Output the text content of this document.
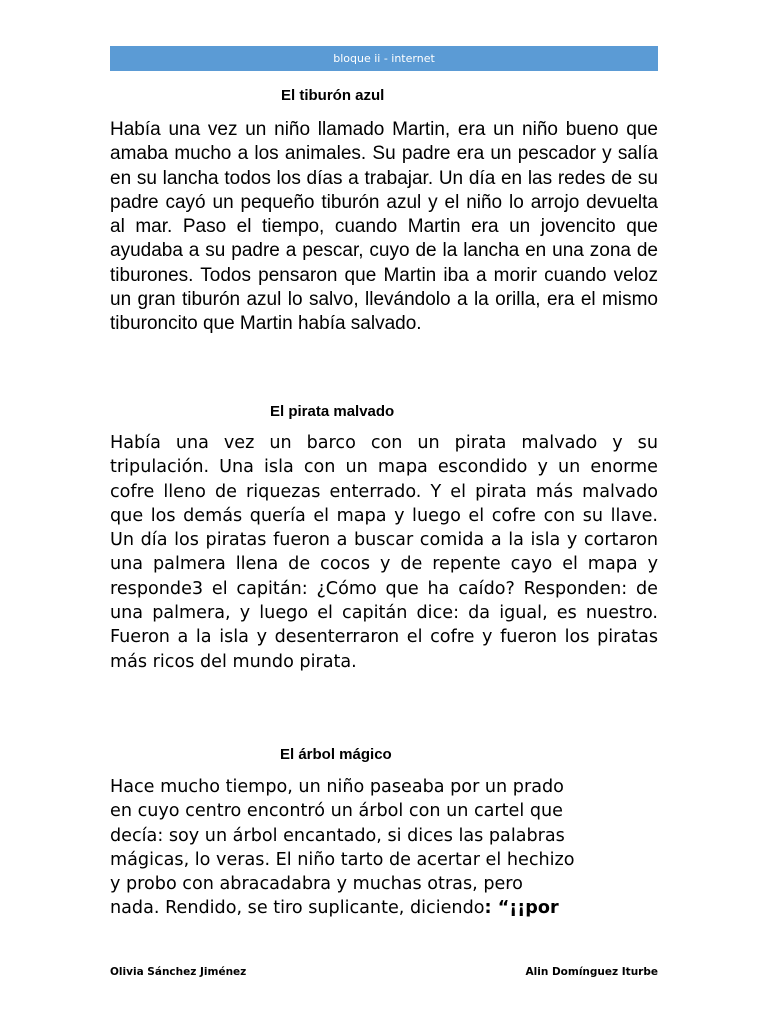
bloque ii - internet
El tiburón azul

Había una vez un niño llamado Martin, era un niño bueno que amaba mucho a los animales. Su padre era un pescador y salía en su lancha todos los días a trabajar. Un día en las redes de su padre cayó un pequeño tiburón azul y el niño lo arrojo devuelta al mar. Paso el tiempo, cuando Martin era un jovencito que ayudaba a su padre a pescar, cuyo de la lancha en una zona de tiburones. Todos pensaron que Martin iba a morir cuando veloz un gran tiburón azul lo salvo, llevándolo a la orilla, era el mismo tiburoncito que Martin había salvado.

El pirata malvado

Había una vez un barco con un pirata malvado y su tripulación. Una isla con un mapa escondido y un enorme cofre lleno de riquezas enterrado. Y el pirata más malvado que los demás quería el mapa y luego el cofre con su llave. Un día los piratas fueron a buscar comida a la isla y cortaron una palmera llena de cocos y de repente cayo el mapa y responde3 el capitán: ¿Cómo que ha caído? Responden: de una palmera, y luego el capitán dice: da igual, es nuestro. Fueron a la isla y desenterraron el cofre y fueron los piratas más ricos del mundo pirata.

El árbol mágico

Hace mucho tiempo, un niño paseaba por un prado
en cuyo centro encontró un árbol con un cartel que
decía: soy un árbol encantado, si dices las palabras
mágicas, lo veras. El niño tarto de acertar el hechizo
y probo con abracadabra y muchas otras, pero
nada. Rendido, se tiro suplicante, diciendo: “¡¡por

Olivia Sánchez Jiménez	Alin Domínguez Iturbe
